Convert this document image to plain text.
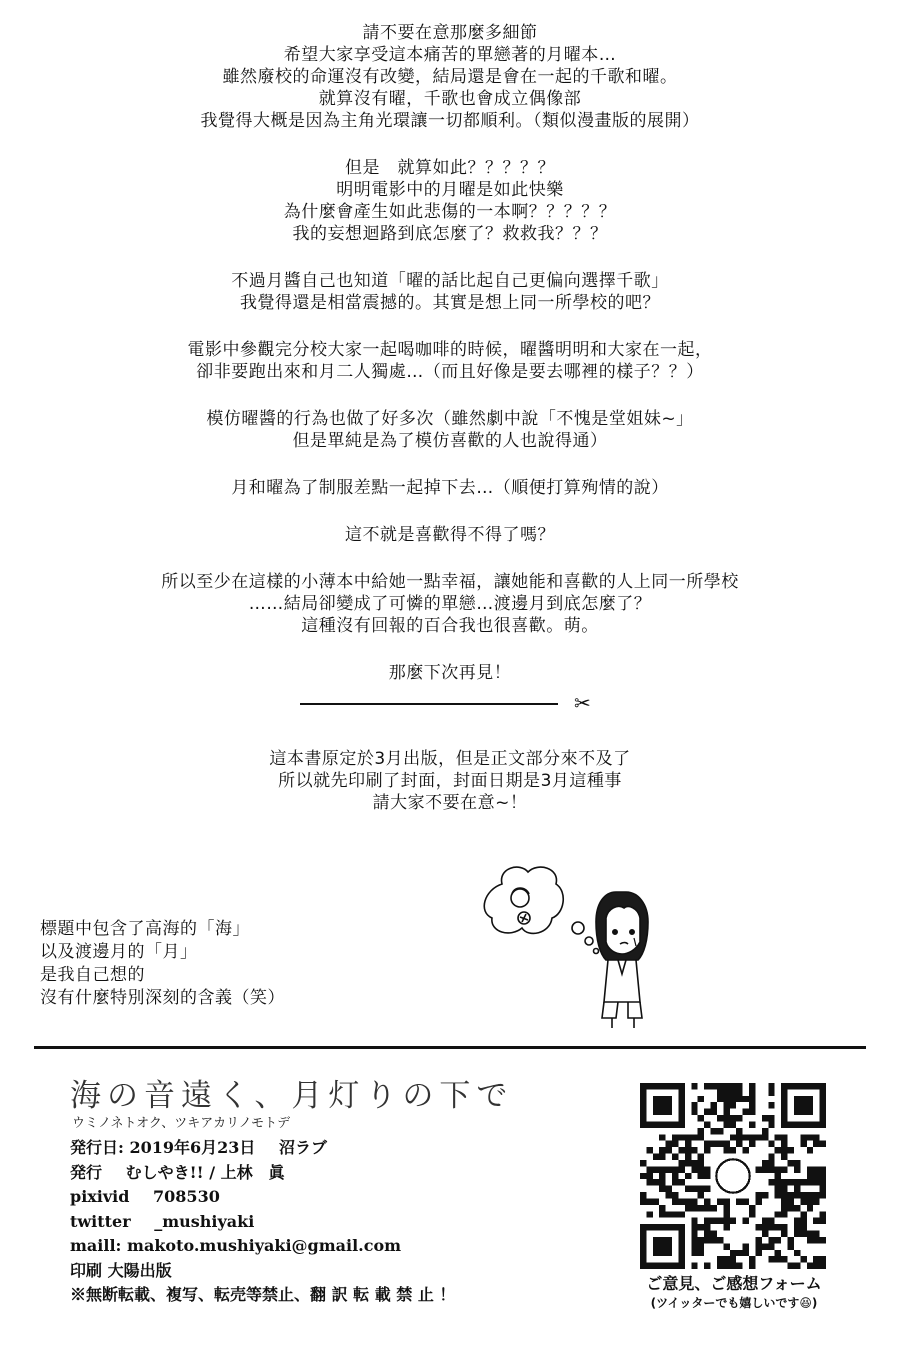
請不要在意那麼多細節
希望大家享受這本痛苦的單戀著的月曜本…
雖然廢校的命運沒有改變，結局還是會在一起的千歌和曜。
就算沒有曜，千歌也會成立偶像部
我覺得大概是因為主角光環讓一切都順利。（類似漫畫版的展開）
但是　就算如此？？？？？
明明電影中的月曜是如此快樂
為什麼會產生如此悲傷的一本啊？？？？？
我的妄想迴路到底怎麼了？救救我？？？
不過月醬自己也知道「曜的話比起自己更偏向選擇千歌」
我覺得還是相當震撼的。其實是想上同一所學校的吧？
電影中參觀完分校大家一起喝咖啡的時候，曜醬明明和大家在一起，
卻非要跑出來和月二人獨處…（而且好像是要去哪裡的樣子？？）
模仿曜醬的行為也做了好多次（雖然劇中說「不愧是堂姐妹~」
但是單純是為了模仿喜歡的人也說得通）
月和曜為了制服差點一起掉下去…（順便打算殉情的說）
這不就是喜歡得不得了嗎？
所以至少在這樣的小薄本中給她一點幸福，讓她能和喜歡的人上同一所學校
……結局卻變成了可憐的單戀…渡邊月到底怎麼了？
這種沒有回報的百合我也很喜歡。萌。
那麼下次再見！
✂
這本書原定於3月出版，但是正文部分來不及了
所以就先印刷了封面，封面日期是3月這種事
請大家不要在意~！
標題中包含了高海的「海」
以及渡邊月的「月」
是我自己想的
沒有什麼特別深刻的含義（笑）
海の音遠く、月灯りの下で
ウミノネトオク、ツキアカリノモトデ
発行日: 2019年6月23日 沼ラブ
発行 むしやき!! / 上林　眞
pixivid 708530
twitter _mushiyaki
maill: makoto.mushiyaki@gmail.com
印刷 大陽出版
※無断転載、複写、転売等禁止、翻 訳 転 載 禁 止 ！
ご意見、ご感想フォーム
(ツイッターでも嬉しいです😆)
